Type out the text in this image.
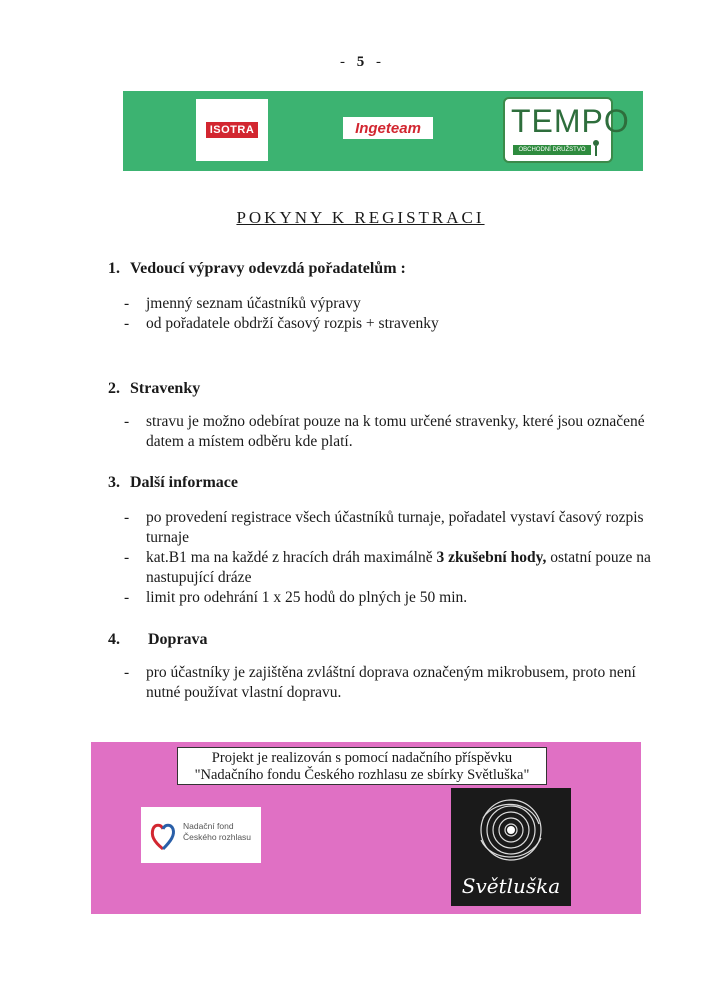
- 5 -
ISOTRA	Ingeteam	TEMPO
OBCHODNÍ DRUŽSTVO
POKYNY K REGISTRACI
1. Vedoucí výpravy odevzdá pořadatelům :
- jmenný seznam účastníků výpravy
- od pořadatele obdrží časový rozpis + stravenky
2. Stravenky
- stravu je možno odebírat pouze na k tomu určené stravenky, které jsou označené datem a místem odběru kde platí.
3. Další informace
- po provedení registrace všech účastníků turnaje, pořadatel vystaví časový rozpis turnaje
- kat.B1 ma na každé z hracích dráh maximálně 3 zkušební hody, ostatní pouze na nastupující dráze
- limit pro odehrání 1 x 25 hodů do plných je 50 min.
4.	Doprava
- pro účastníky je zajištěna zvláštní doprava označeným mikrobusem, proto není nutné používat vlastní dopravu.
Projekt je realizován s pomocí nadačního příspěvku
"Nadačního fondu Českého rozhlasu ze sbírky Světluška"
Nadační fond
Českého rozhlasu
Světluška
